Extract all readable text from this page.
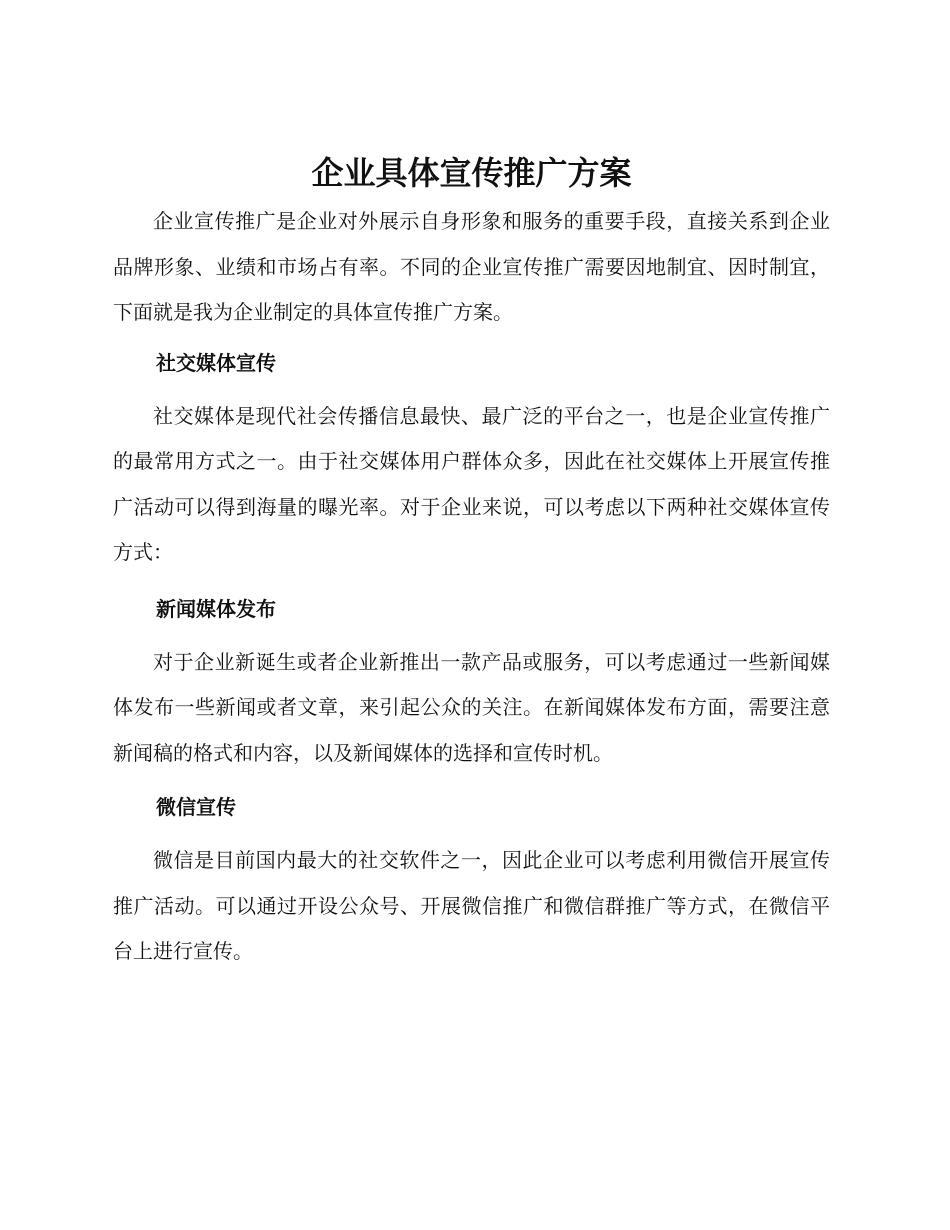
企业具体宣传推广方案

企业宣传推广是企业对外展示自身形象和服务的重要手段，直接关系到企业品牌形象、业绩和市场占有率。不同的企业宣传推广需要因地制宜、因时制宜，下面就是我为企业制定的具体宣传推广方案。

社交媒体宣传

社交媒体是现代社会传播信息最快、最广泛的平台之一，也是企业宣传推广的最常用方式之一。由于社交媒体用户群体众多，因此在社交媒体上开展宣传推广活动可以得到海量的曝光率。对于企业来说，可以考虑以下两种社交媒体宣传方式：

新闻媒体发布

对于企业新诞生或者企业新推出一款产品或服务，可以考虑通过一些新闻媒体发布一些新闻或者文章，来引起公众的关注。在新闻媒体发布方面，需要注意新闻稿的格式和内容，以及新闻媒体的选择和宣传时机。

微信宣传

微信是目前国内最大的社交软件之一，因此企业可以考虑利用微信开展宣传推广活动。可以通过开设公众号、开展微信推广和微信群推广等方式，在微信平台上进行宣传。
